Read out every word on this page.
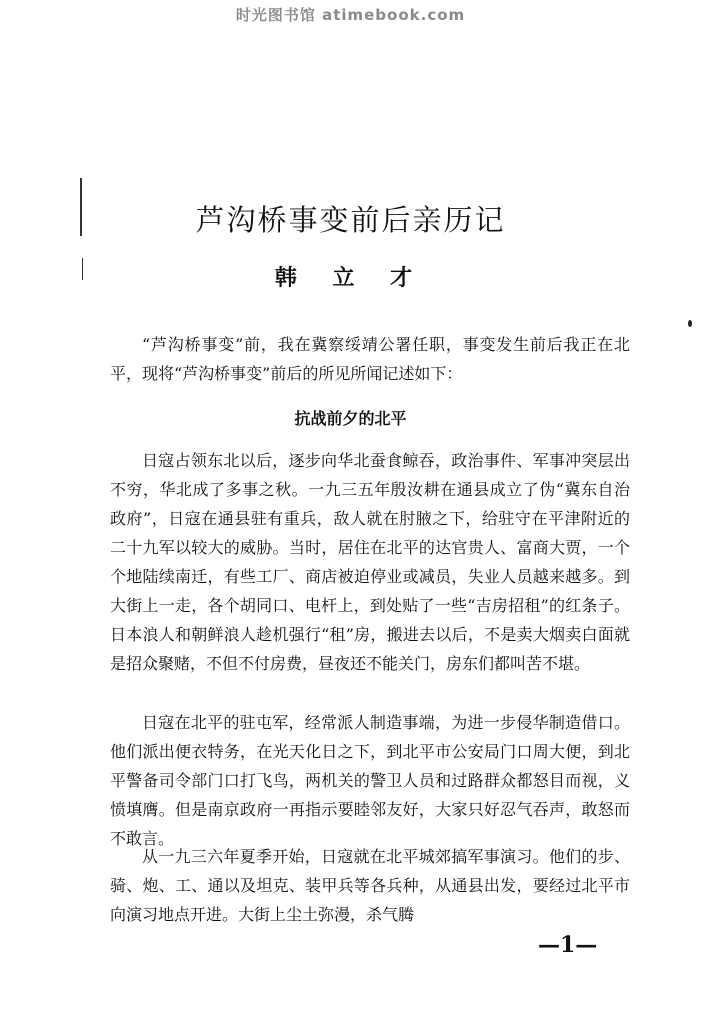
时光图书馆 atimebook.com
芦沟桥事变前后亲历记
韩 立 才

“芦沟桥事变”前，我在冀察绥靖公署任职，事变发生前后我正在北平，现将“芦沟桥事变”前后的所见所闻记述如下：

抗战前夕的北平

日寇占领东北以后，逐步向华北蚕食鲸吞，政治事件、军事冲突层出不穷，华北成了多事之秋。一九三五年殷汝耕在通县成立了伪“冀东自治政府”，日寇在通县驻有重兵，敌人就在肘腋之下，给驻守在平津附近的二十九军以较大的威胁。当时，居住在北平的达官贵人、富商大贾，一个个地陆续南迁，有些工厂、商店被迫停业或减员，失业人员越来越多。到大街上一走，各个胡同口、电杆上，到处贴了一些“吉房招租”的红条子。日本浪人和朝鲜浪人趁机强行“租”房，搬进去以后，不是卖大烟卖白面就是招众聚赌，不但不付房费，昼夜还不能关门，房东们都叫苦不堪。

日寇在北平的驻屯军，经常派人制造事端，为进一步侵华制造借口。他们派出便衣特务，在光天化日之下，到北平市公安局门口周大便，到北平警备司令部门口打飞鸟，两机关的警卫人员和过路群众都怒目而视，义愤填膺。但是南京政府一再指示要睦邻友好，大家只好忍气吞声，敢怒而不敢言。

从一九三六年夏季开始，日寇就在北平城郊搞军事演习。他们的步、骑、炮、工、通以及坦克、装甲兵等各兵种，从通县出发，要经过北平市向演习地点开进。大街上尘土弥漫，杀气腾

—1—
